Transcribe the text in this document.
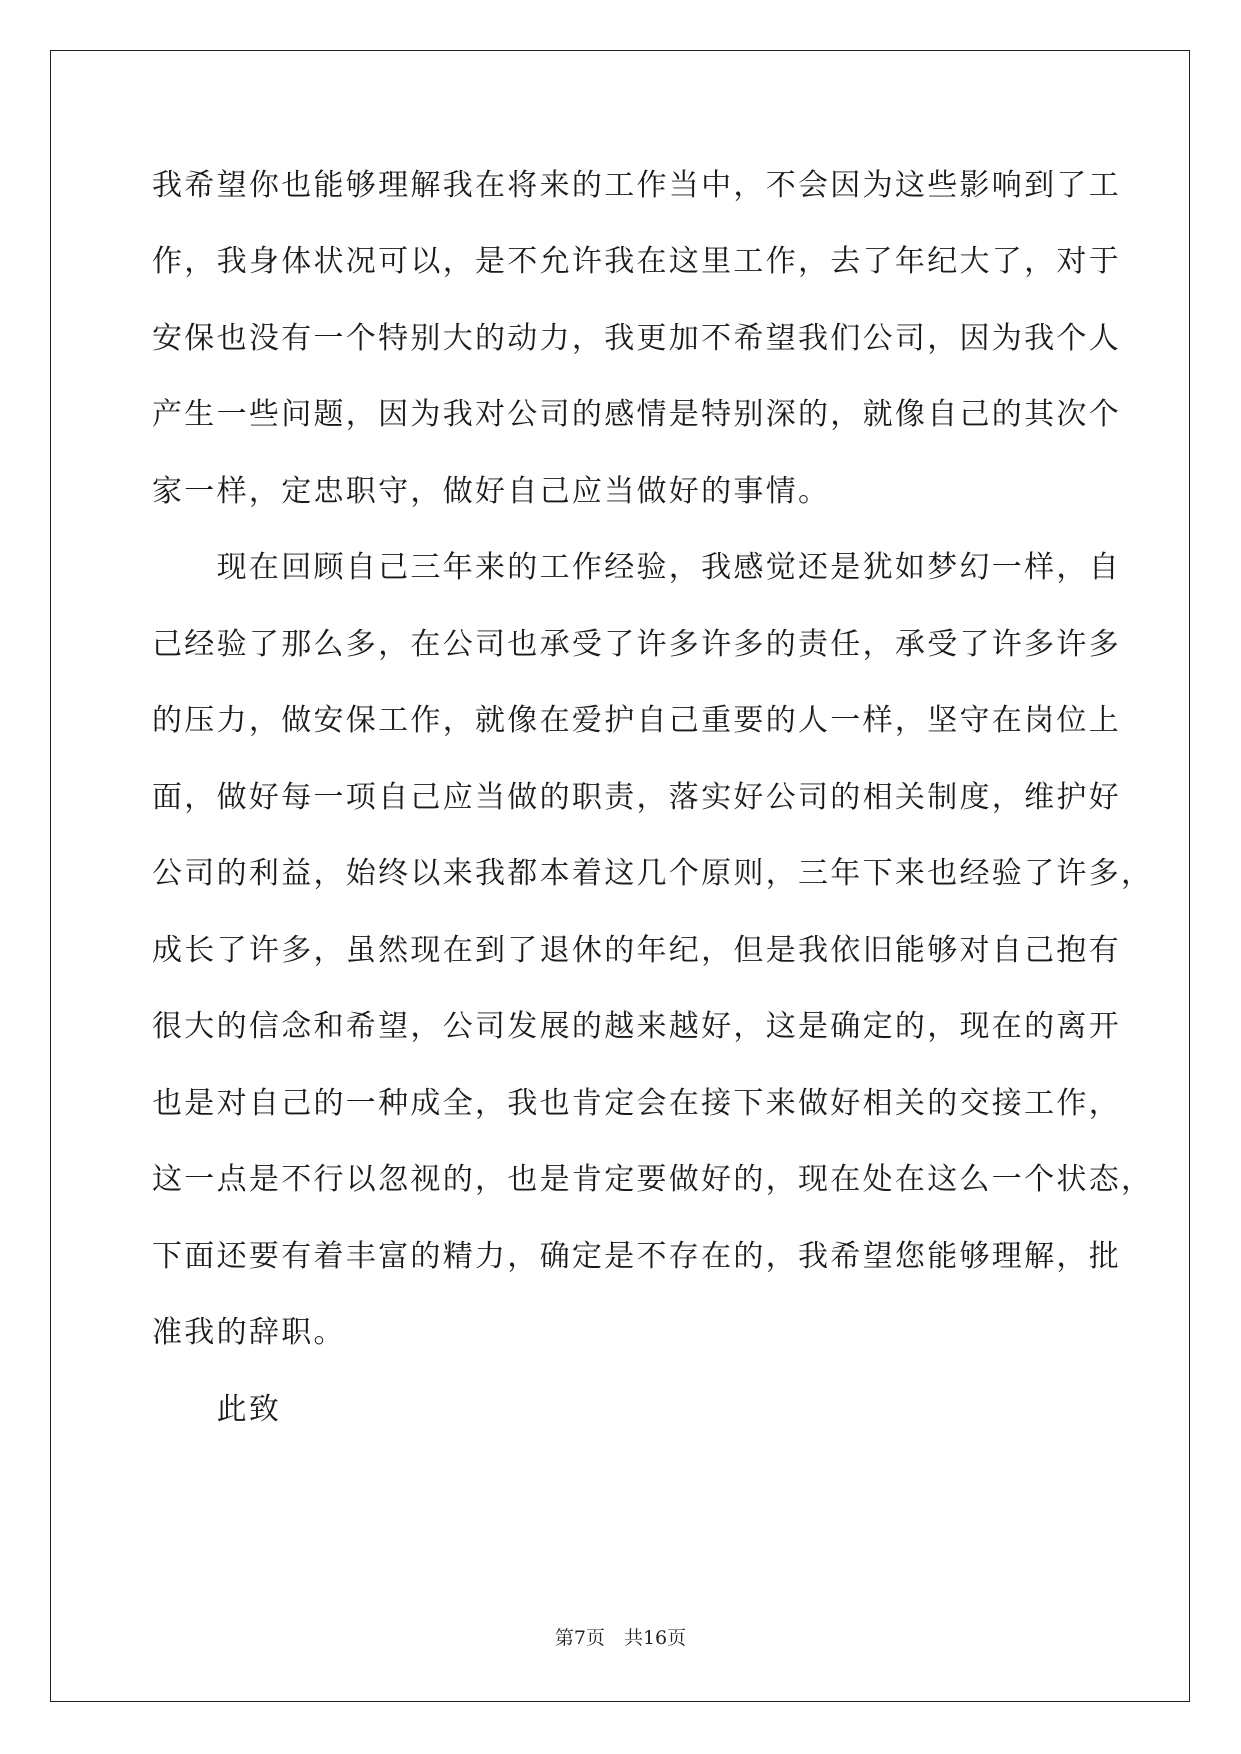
我希望你也能够理解我在将来的工作当中，不会因为这些影响到了工
作，我身体状况可以，是不允许我在这里工作，去了年纪大了，对于
安保也没有一个特别大的动力，我更加不希望我们公司，因为我个人
产生一些问题，因为我对公司的感情是特别深的，就像自己的其次个
家一样，定忠职守，做好自己应当做好的事情。
　　现在回顾自己三年来的工作经验，我感觉还是犹如梦幻一样，自
己经验了那么多，在公司也承受了许多许多的责任，承受了许多许多
的压力，做安保工作，就像在爱护自己重要的人一样，坚守在岗位上
面，做好每一项自己应当做的职责，落实好公司的相关制度，维护好
公司的利益，始终以来我都本着这几个原则，三年下来也经验了许多，
成长了许多，虽然现在到了退休的年纪，但是我依旧能够对自己抱有
很大的信念和希望，公司发展的越来越好，这是确定的，现在的离开
也是对自己的一种成全，我也肯定会在接下来做好相关的交接工作，
这一点是不行以忽视的，也是肯定要做好的，现在处在这么一个状态，
下面还要有着丰富的精力，确定是不存在的，我希望您能够理解，批
准我的辞职。
　　此致
第7页　共16页
